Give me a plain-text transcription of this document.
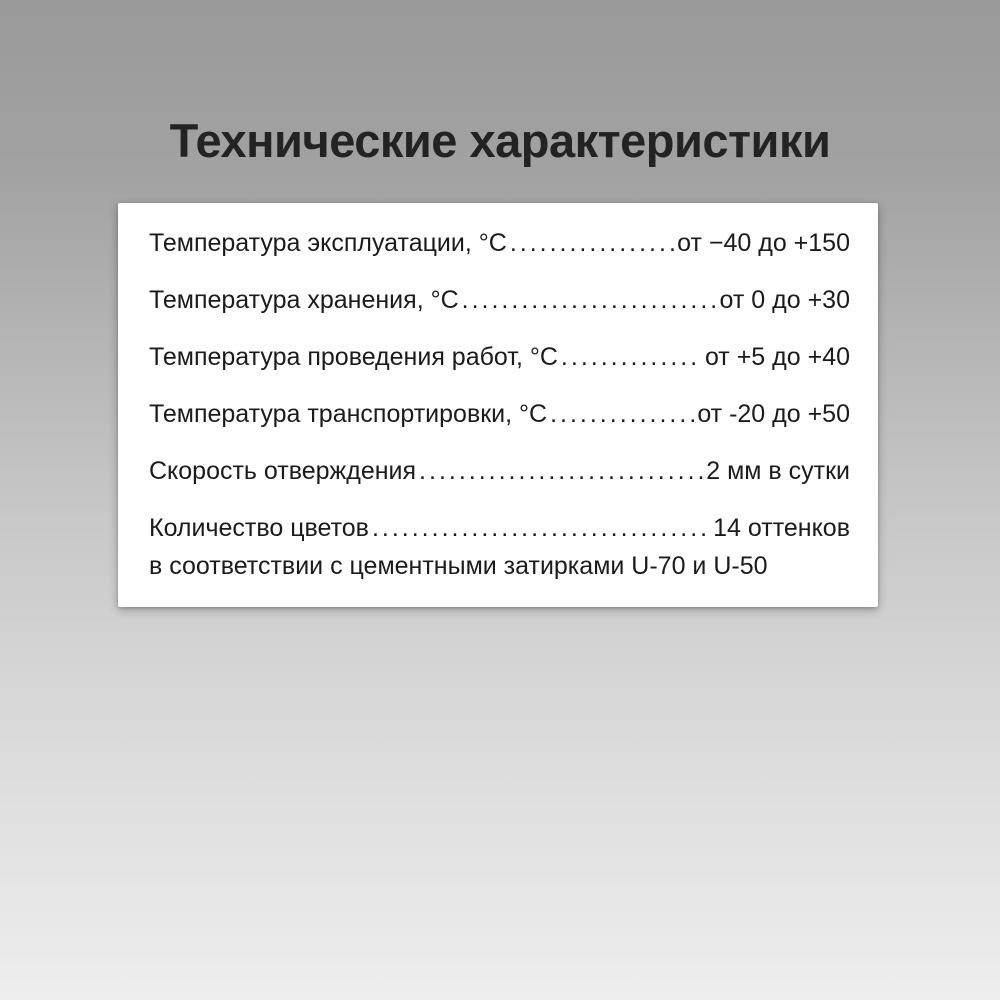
Технические характеристики
Температура эксплуатации, °С .....	от −40 до +150
Температура хранения, °С .....	от 0 до +30
Температура проведения работ, °С .....	от +5 до +40
Температура транспортировки, °С .....	от -20 до +50
Скорость отверждения .....	2 мм в сутки
Количество цветов .....	14 оттенков
в соответствии с цементными затирками U-70 и U-50
